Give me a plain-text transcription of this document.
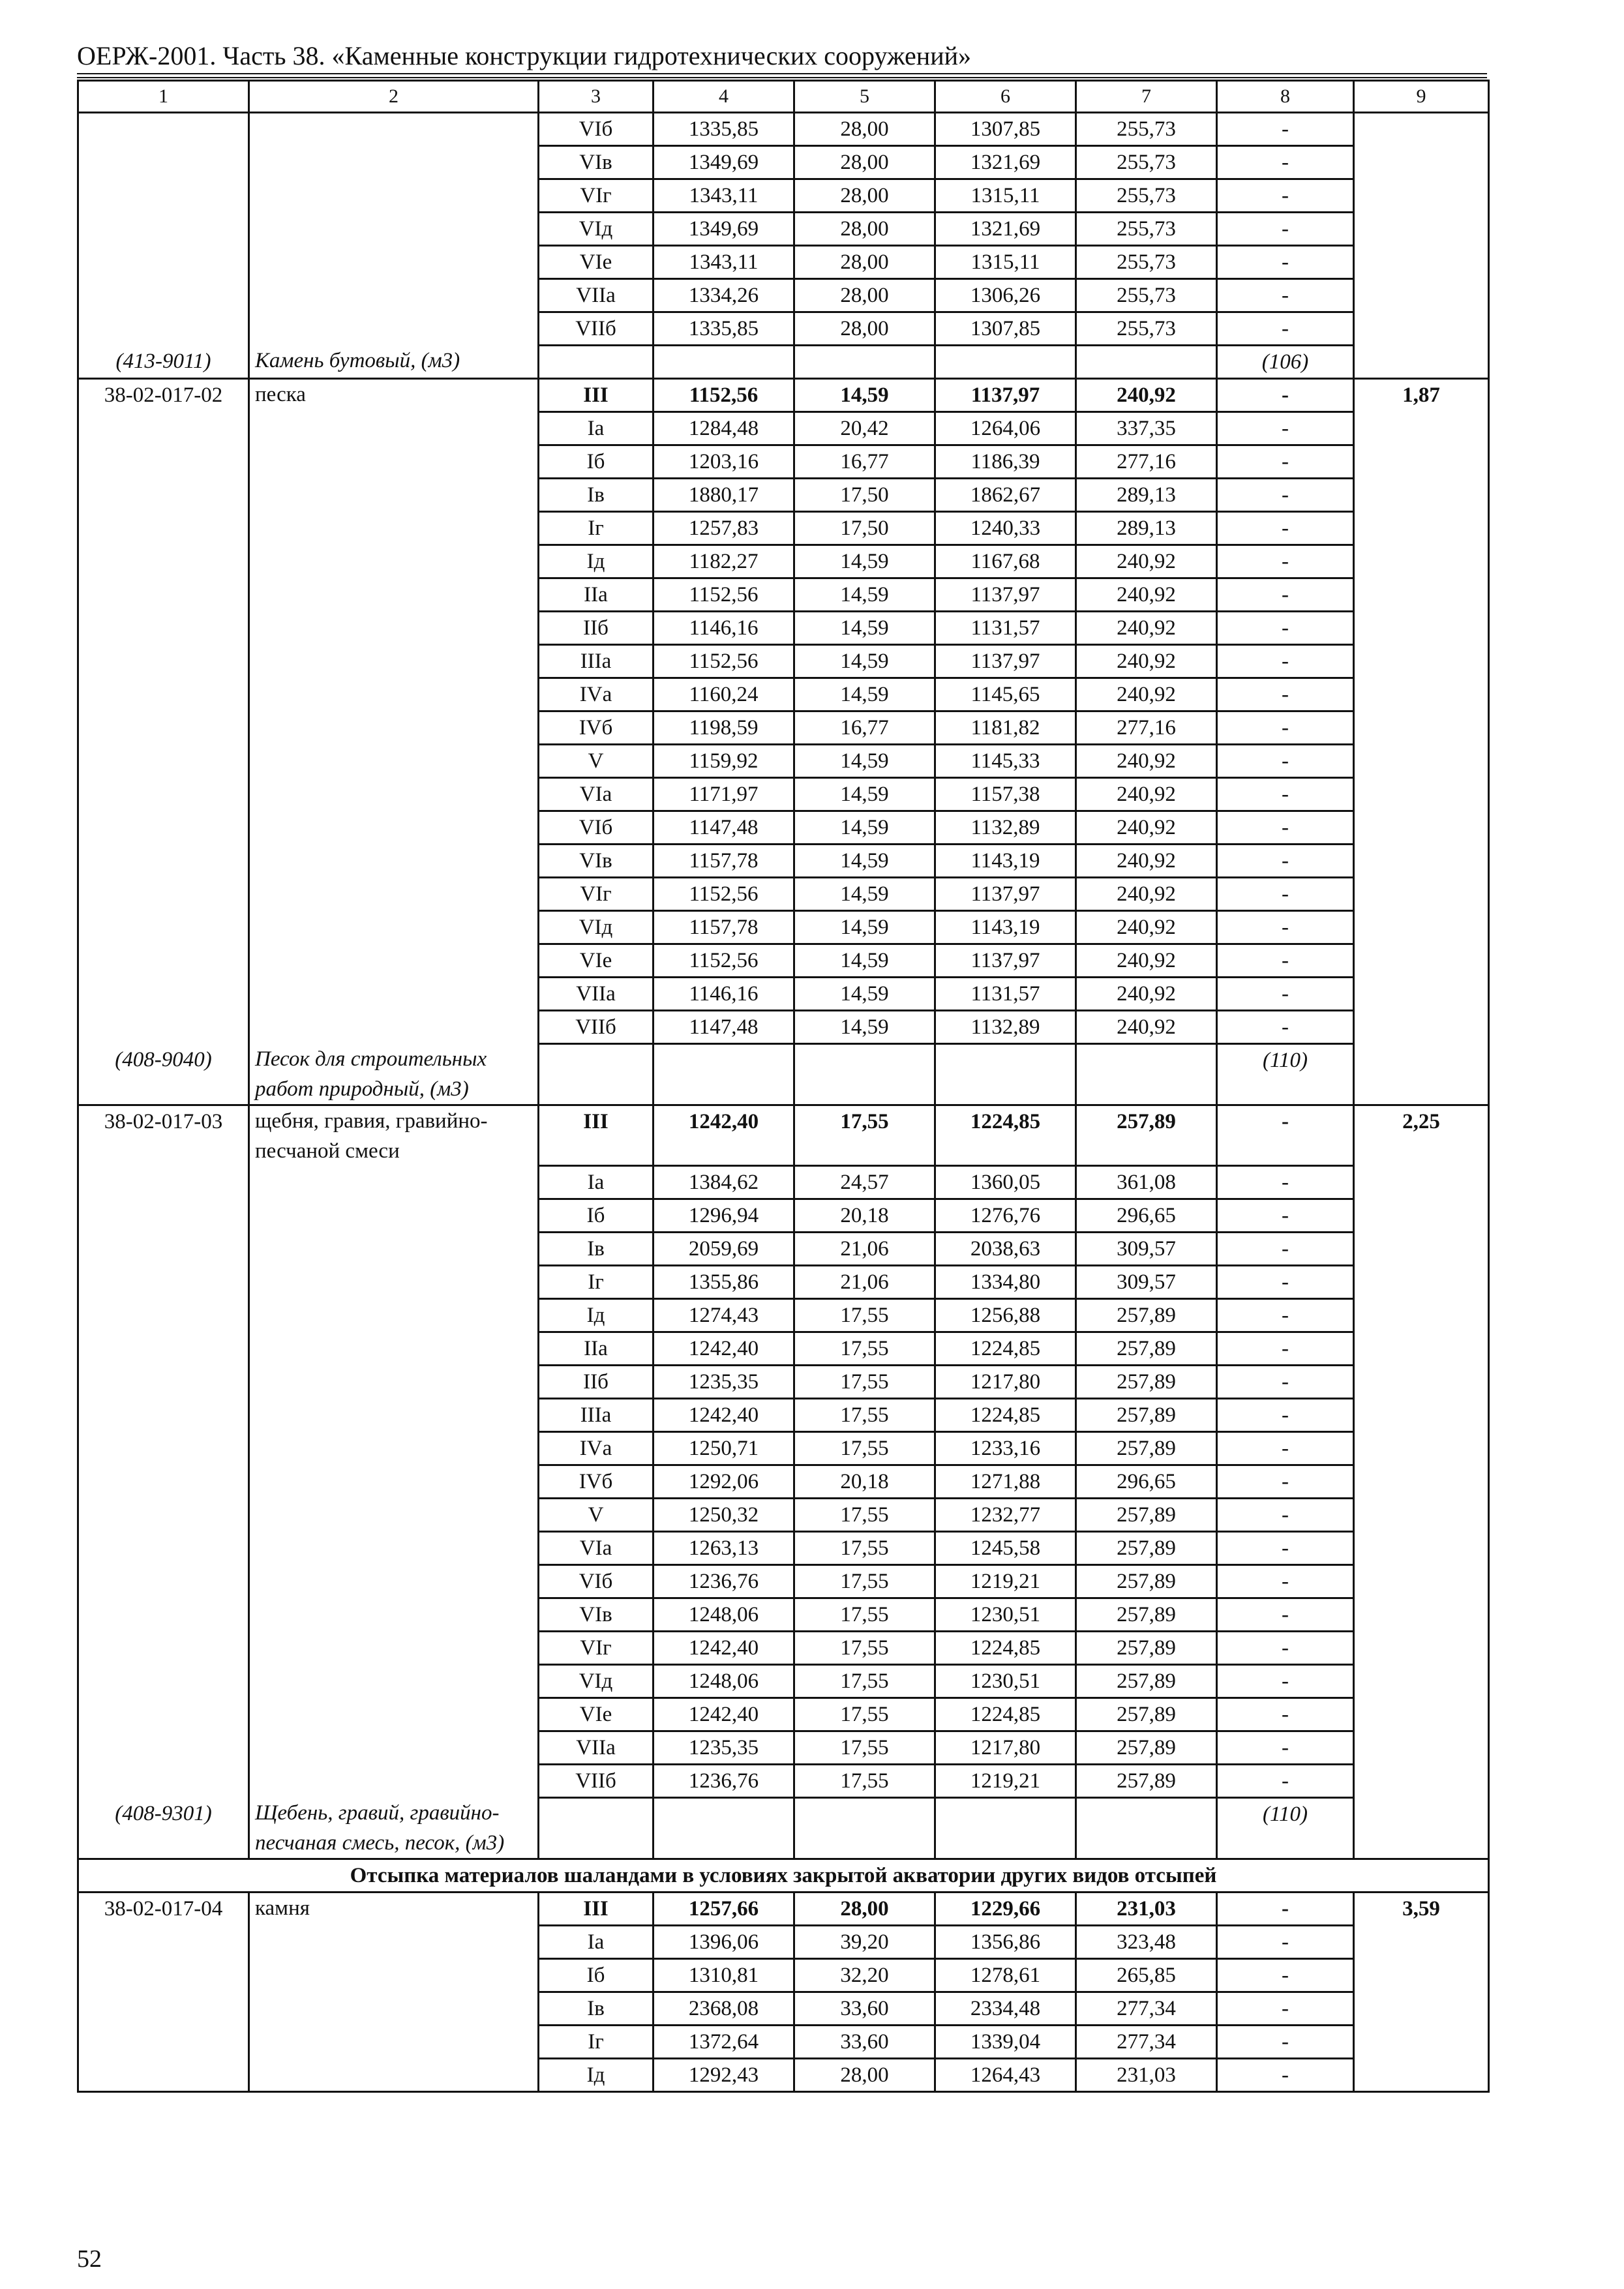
ОЕРЖ-2001. Часть 38. «Каменные конструкции гидротехнических сооружений»
1	2	3	4	5	6	7	8	9
		VIб	1335,85	28,00	1307,85	255,73	-	
		VIв	1349,69	28,00	1321,69	255,73	-	
		VIг	1343,11	28,00	1315,11	255,73	-	
		VIд	1349,69	28,00	1321,69	255,73	-	
		VIе	1343,11	28,00	1315,11	255,73	-	
		VIIа	1334,26	28,00	1306,26	255,73	-	
		VIIб	1335,85	28,00	1307,85	255,73	-	
(413-9011)	Камень бутовый, (м3)						(106)	
38-02-017-02	песка	III	1152,56	14,59	1137,97	240,92	-	1,87
		Iа	1284,48	20,42	1264,06	337,35	-	
		Iб	1203,16	16,77	1186,39	277,16	-	
		Iв	1880,17	17,50	1862,67	289,13	-	
		Iг	1257,83	17,50	1240,33	289,13	-	
		Iд	1182,27	14,59	1167,68	240,92	-	
		IIа	1152,56	14,59	1137,97	240,92	-	
		IIб	1146,16	14,59	1131,57	240,92	-	
		IIIа	1152,56	14,59	1137,97	240,92	-	
		IVа	1160,24	14,59	1145,65	240,92	-	
		IVб	1198,59	16,77	1181,82	277,16	-	
		V	1159,92	14,59	1145,33	240,92	-	
		VIа	1171,97	14,59	1157,38	240,92	-	
		VIб	1147,48	14,59	1132,89	240,92	-	
		VIв	1157,78	14,59	1143,19	240,92	-	
		VIг	1152,56	14,59	1137,97	240,92	-	
		VIд	1157,78	14,59	1143,19	240,92	-	
		VIе	1152,56	14,59	1137,97	240,92	-	
		VIIа	1146,16	14,59	1131,57	240,92	-	
		VIIб	1147,48	14,59	1132,89	240,92	-	
(408-9040)	Песок для строительных работ природный, (м3)						(110)	
38-02-017-03	щебня, гравия, гравийно-песчаной смеси	III	1242,40	17,55	1224,85	257,89	-	2,25
		Iа	1384,62	24,57	1360,05	361,08	-	
		Iб	1296,94	20,18	1276,76	296,65	-	
		Iв	2059,69	21,06	2038,63	309,57	-	
		Iг	1355,86	21,06	1334,80	309,57	-	
		Iд	1274,43	17,55	1256,88	257,89	-	
		IIа	1242,40	17,55	1224,85	257,89	-	
		IIб	1235,35	17,55	1217,80	257,89	-	
		IIIа	1242,40	17,55	1224,85	257,89	-	
		IVа	1250,71	17,55	1233,16	257,89	-	
		IVб	1292,06	20,18	1271,88	296,65	-	
		V	1250,32	17,55	1232,77	257,89	-	
		VIа	1263,13	17,55	1245,58	257,89	-	
		VIб	1236,76	17,55	1219,21	257,89	-	
		VIв	1248,06	17,55	1230,51	257,89	-	
		VIг	1242,40	17,55	1224,85	257,89	-	
		VIд	1248,06	17,55	1230,51	257,89	-	
		VIе	1242,40	17,55	1224,85	257,89	-	
		VIIа	1235,35	17,55	1217,80	257,89	-	
		VIIб	1236,76	17,55	1219,21	257,89	-	
(408-9301)	Щебень, гравий, гравийно-песчаная смесь, песок, (м3)						(110)	
Отсыпка материалов шаландами в условиях закрытой акватории других видов отсыпей								
38-02-017-04	камня	III	1257,66	28,00	1229,66	231,03	-	3,59
		Iа	1396,06	39,20	1356,86	323,48	-	
		Iб	1310,81	32,20	1278,61	265,85	-	
		Iв	2368,08	33,60	2334,48	277,34	-	
		Iг	1372,64	33,60	1339,04	277,34	-	
		Iд	1292,43	28,00	1264,43	231,03	-	
52
